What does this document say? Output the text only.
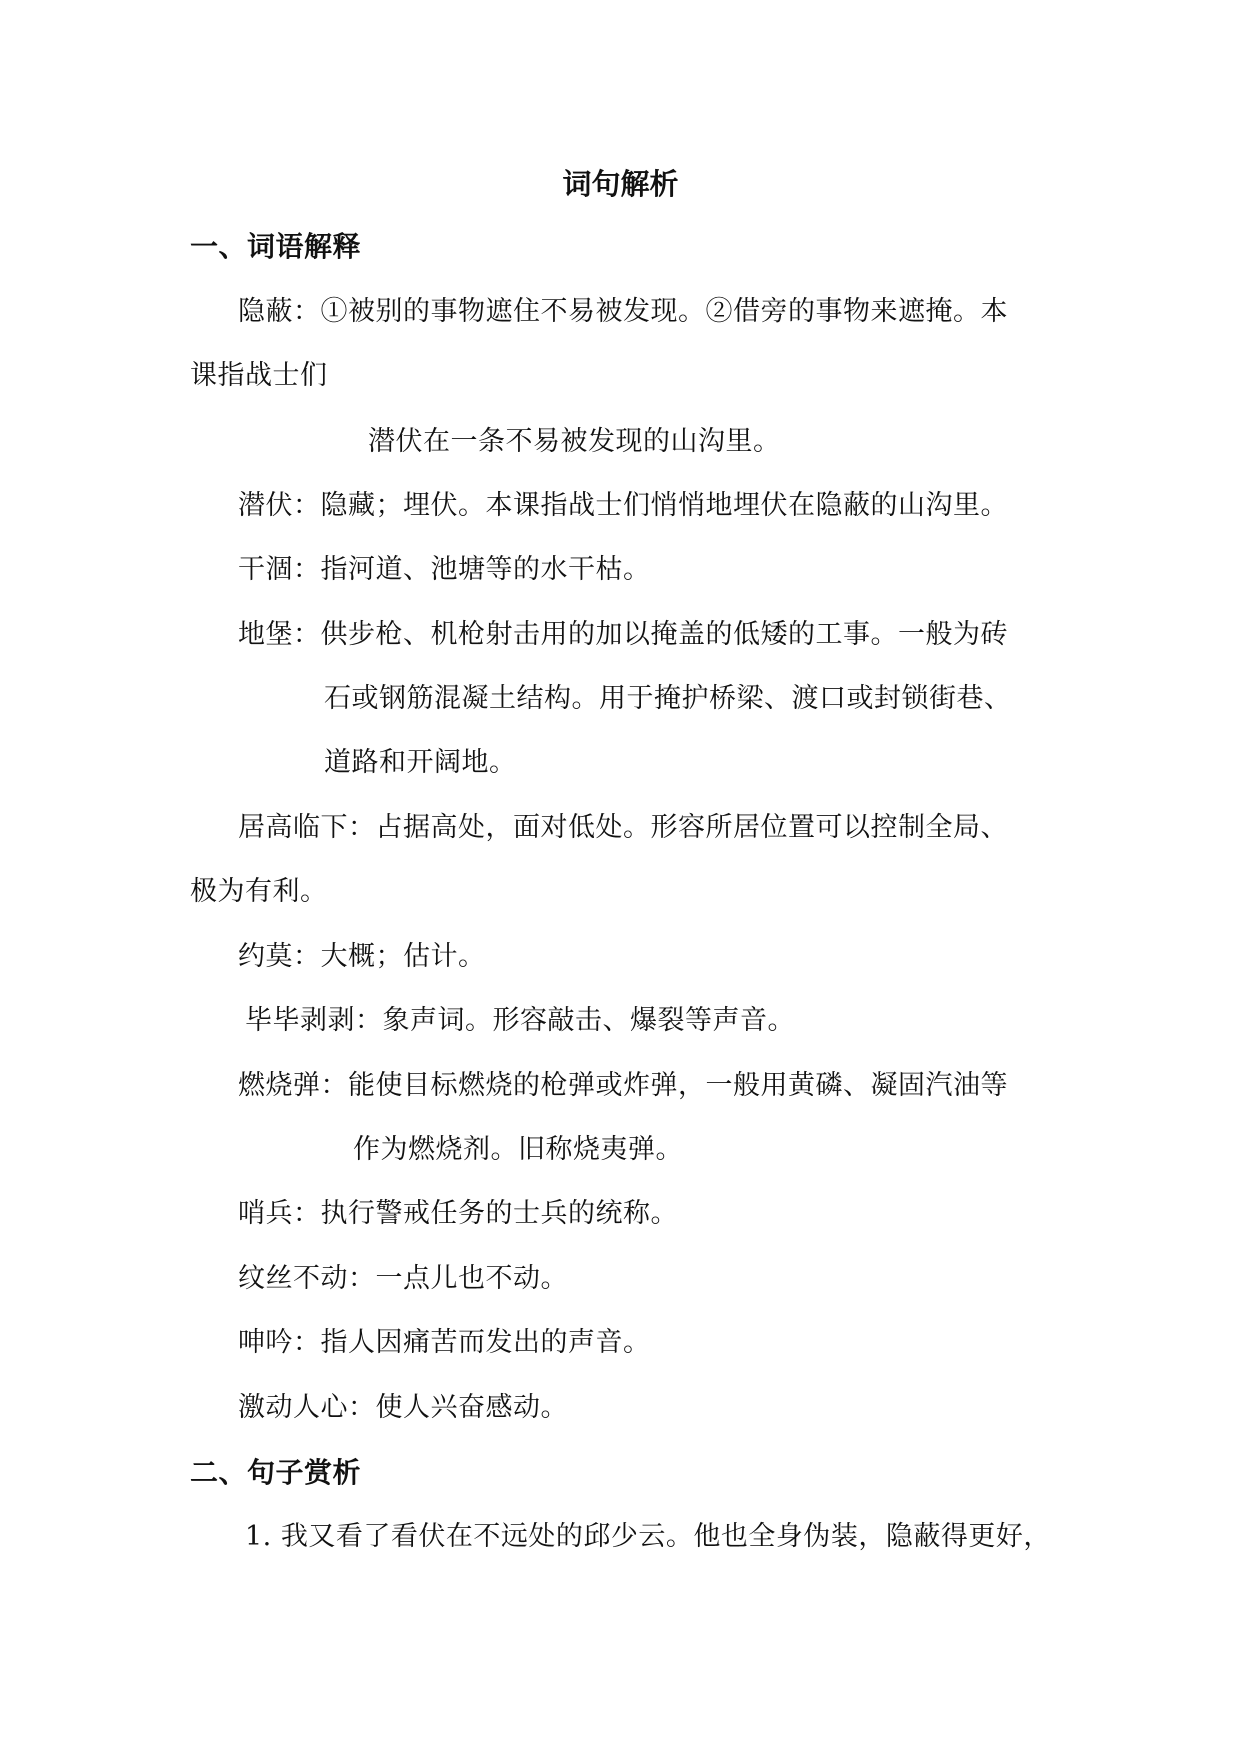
词句解析
一、词语解释
隐蔽：①被别的事物遮住不易被发现。②借旁的事物来遮掩。本
课指战士们
潜伏在一条不易被发现的山沟里。
潜伏：隐藏；埋伏。本课指战士们悄悄地埋伏在隐蔽的山沟里。
干涸：指河道、池塘等的水干枯。
地堡：供步枪、机枪射击用的加以掩盖的低矮的工事。一般为砖
石或钢筋混凝土结构。用于掩护桥梁、渡口或封锁街巷、
道路和开阔地。
居高临下：占据高处，面对低处。形容所居位置可以控制全局、
极为有利。
约莫：大概；估计。
毕毕剥剥：象声词。形容敲击、爆裂等声音。
燃烧弹：能使目标燃烧的枪弹或炸弹，一般用黄磷、凝固汽油等
作为燃烧剂。旧称烧夷弹。
哨兵：执行警戒任务的士兵的统称。
纹丝不动：一点儿也不动。
呻吟：指人因痛苦而发出的声音。
激动人心：使人兴奋感动。
二、句子赏析
1. 我又看了看伏在不远处的邱少云。他也全身伪装，隐蔽得更好，
